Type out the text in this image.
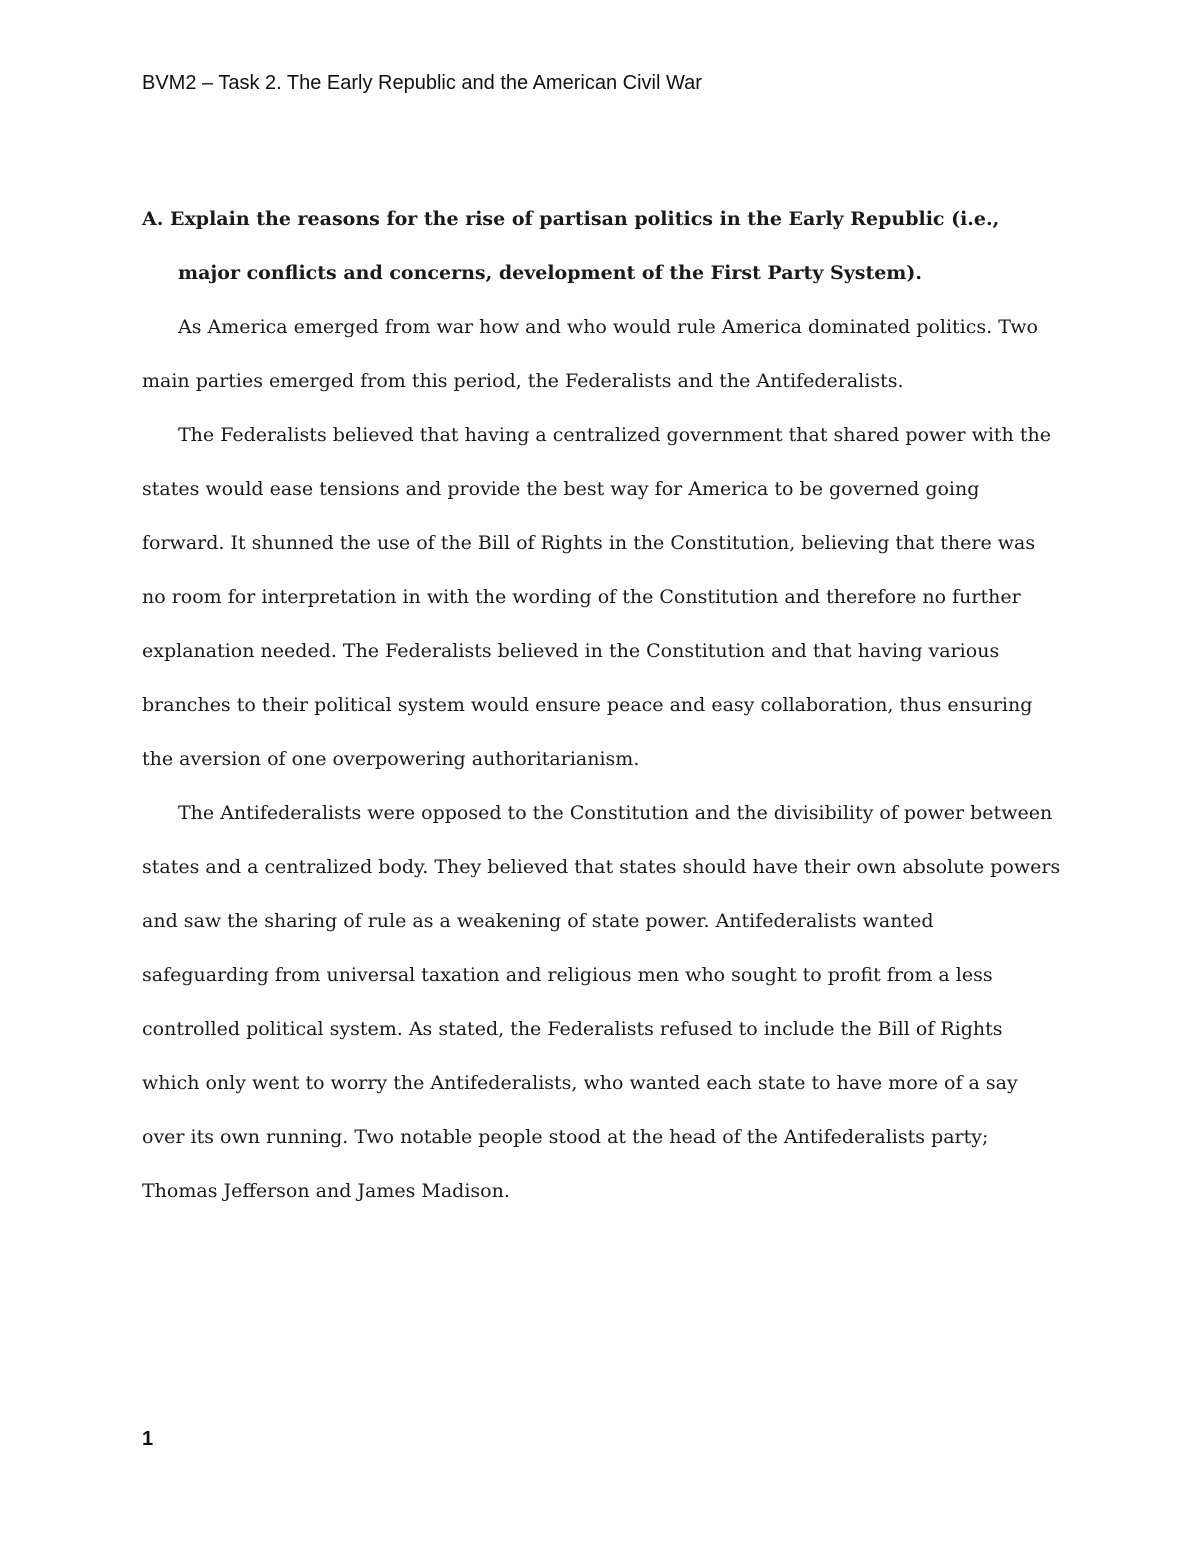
BVM2 – Task 2. The Early Republic and the American Civil War

A. Explain the reasons for the rise of partisan politics in the Early Republic (i.e., major conflicts and concerns, development of the First Party System).

As America emerged from war how and who would rule America dominated politics. Two main parties emerged from this period, the Federalists and the Antifederalists.

The Federalists believed that having a centralized government that shared power with the states would ease tensions and provide the best way for America to be governed going forward. It shunned the use of the Bill of Rights in the Constitution, believing that there was no room for interpretation in with the wording of the Constitution and therefore no further explanation needed. The Federalists believed in the Constitution and that having various branches to their political system would ensure peace and easy collaboration, thus ensuring the aversion of one overpowering authoritarianism.

The Antifederalists were opposed to the Constitution and the divisibility of power between states and a centralized body. They believed that states should have their own absolute powers and saw the sharing of rule as a weakening of state power. Antifederalists wanted safeguarding from universal taxation and religious men who sought to profit from a less controlled political system. As stated, the Federalists refused to include the Bill of Rights which only went to worry the Antifederalists, who wanted each state to have more of a say over its own running. Two notable people stood at the head of the Antifederalists party; Thomas Jefferson and James Madison.

1
